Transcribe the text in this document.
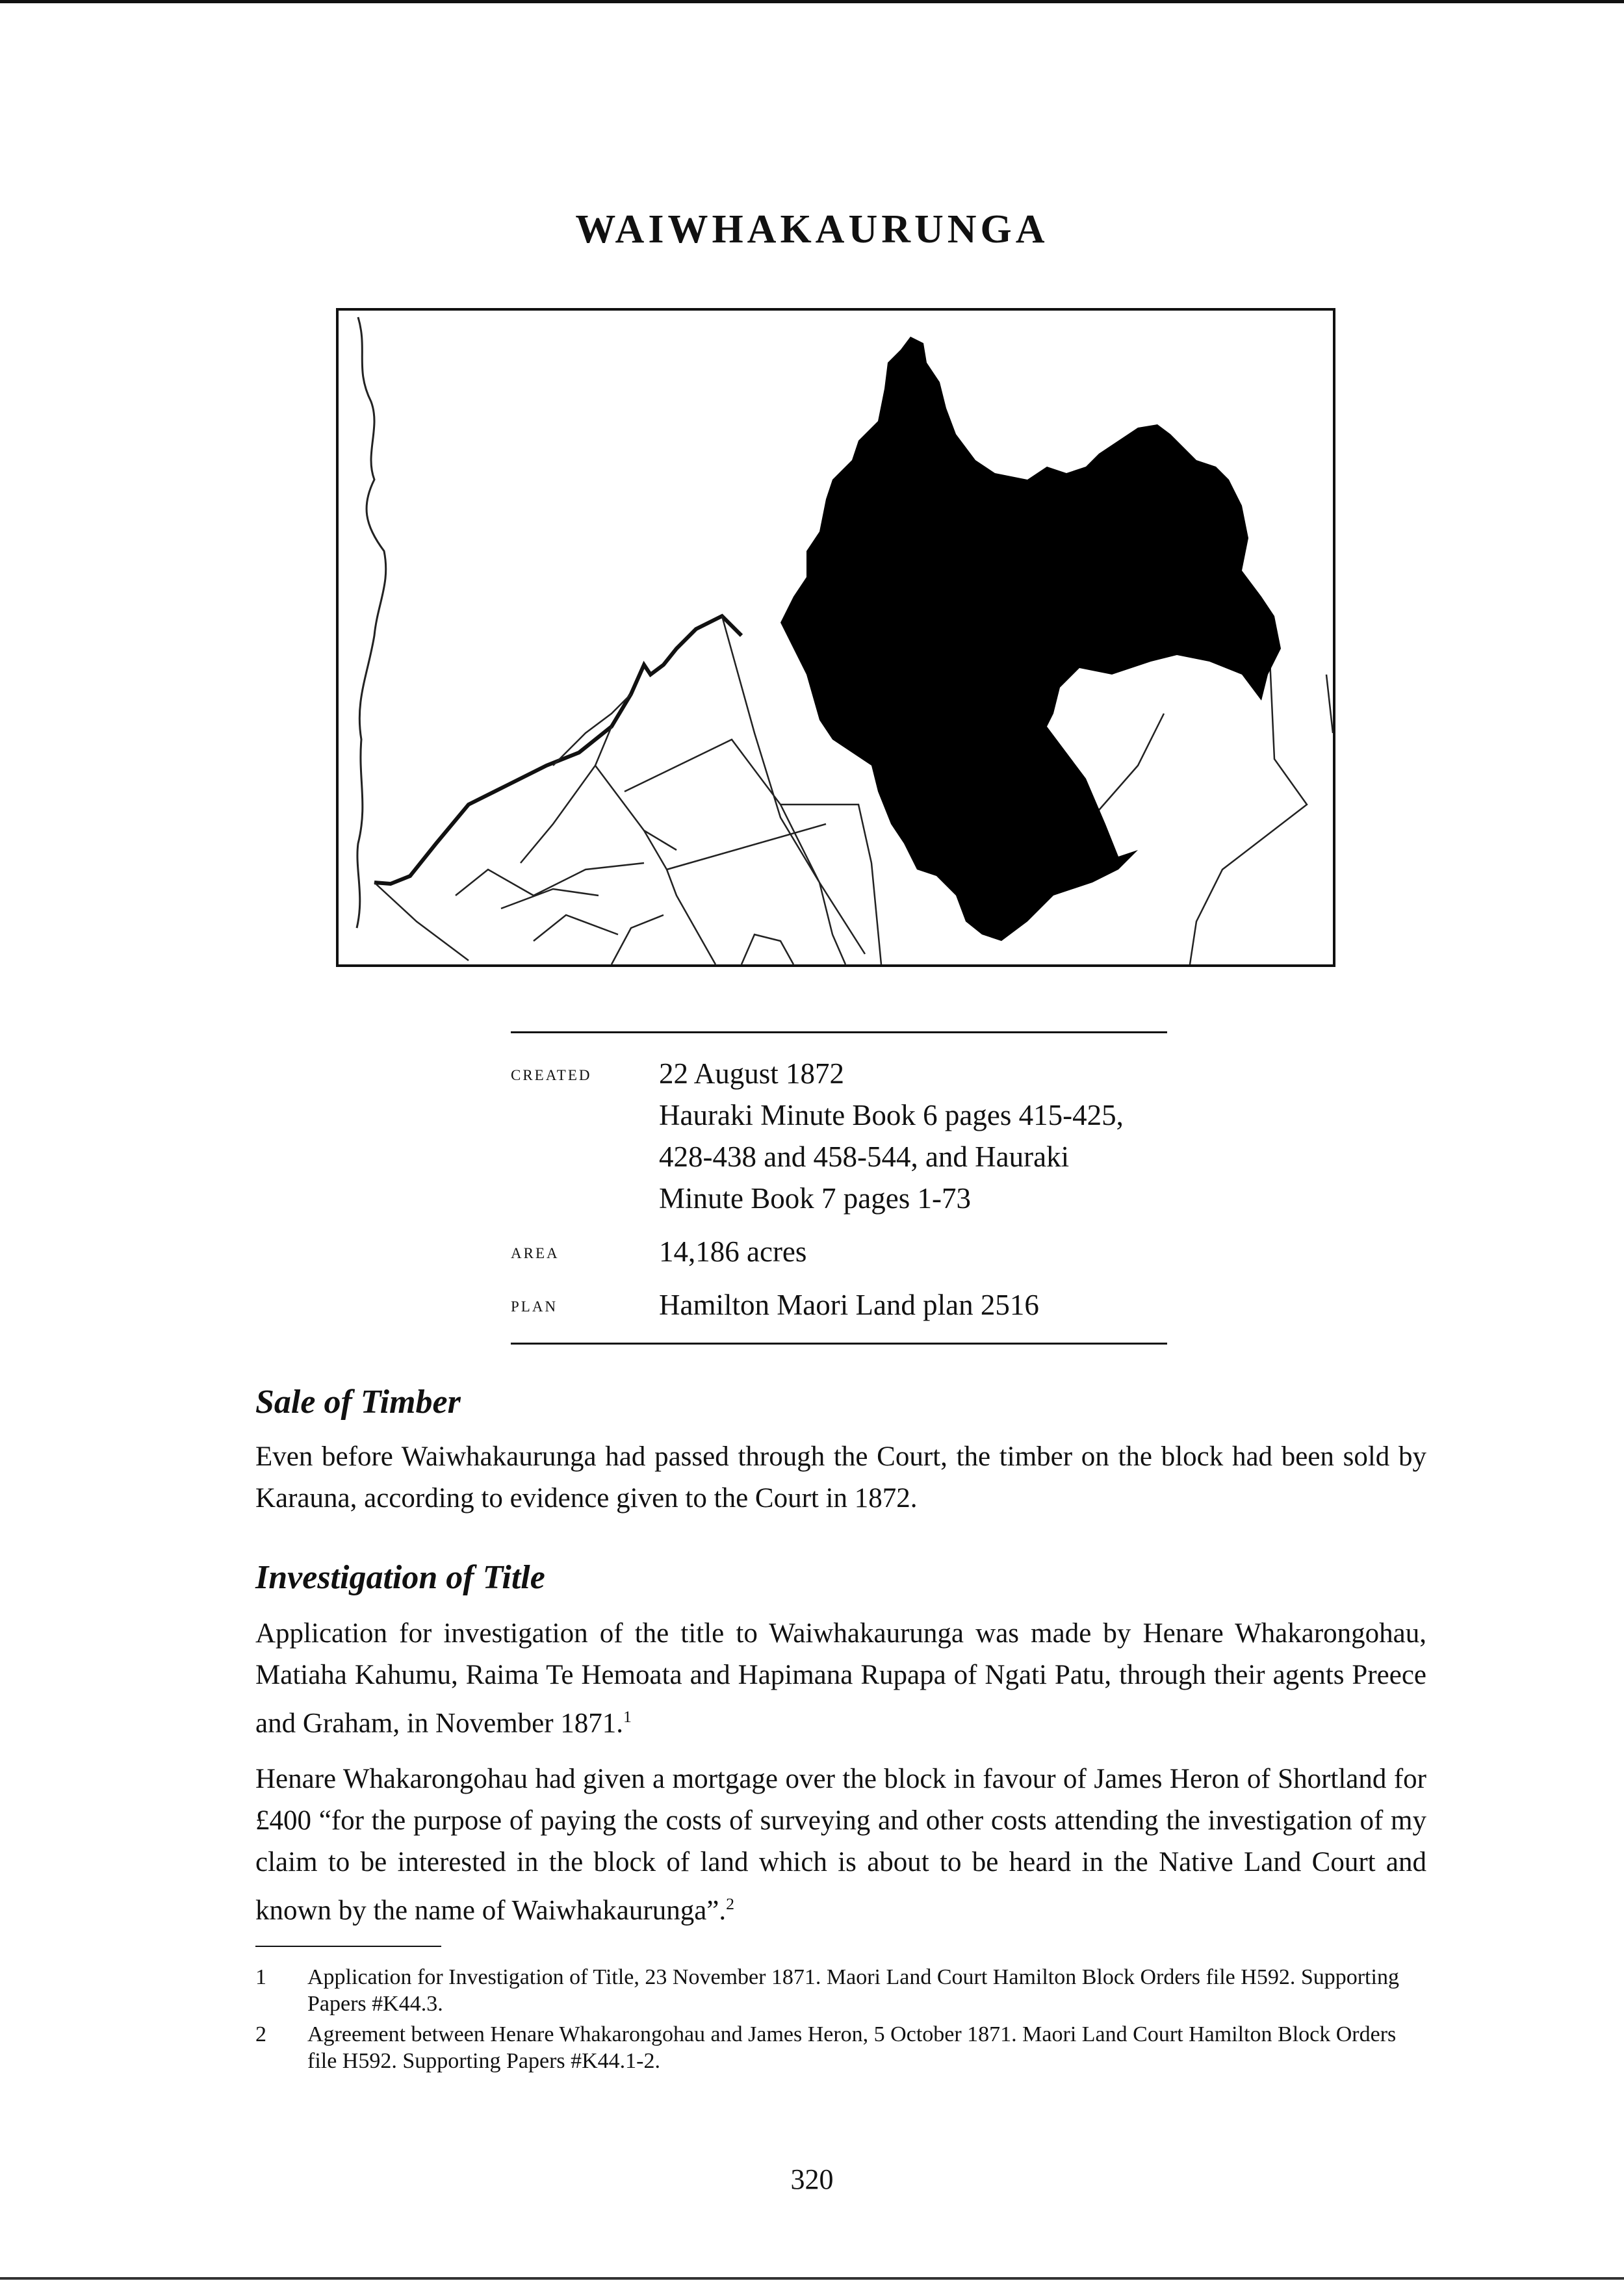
WAIWHAKAURUNGA
created	22 August 1872
Hauraki Minute Book 6 pages 415-425,
428-438 and 458-544, and Hauraki
Minute Book 7 pages 1-73
area	14,186 acres
plan	Hamilton Maori Land plan 2516
Sale of Timber
Even before Waiwhakaurunga had passed through the Court, the timber on the block had been sold by Karauna, according to evidence given to the Court in 1872.
Investigation of Title
Application for investigation of the title to Waiwhakaurunga was made by Henare Whakarongohau, Matiaha Kahumu, Raima Te Hemoata and Hapimana Rupapa of Ngati Patu, through their agents Preece and Graham, in November 1871.$^1$
Henare Whakarongohau had given a mortgage over the block in favour of James Heron of Shortland for £400 “for the purpose of paying the costs of surveying and other costs attending the investigation of my claim to be interested in the block of land which is about to be heard in the Native Land Court and known by the name of Waiwhakaurunga”.$^2$
1 Application for Investigation of Title, 23 November 1871. Maori Land Court Hamilton Block Orders file H592. Supporting Papers #K44.3.
2 Agreement between Henare Whakarongohau and James Heron, 5 October 1871. Maori Land Court Hamilton Block Orders file H592. Supporting Papers #K44.1-2.
320
